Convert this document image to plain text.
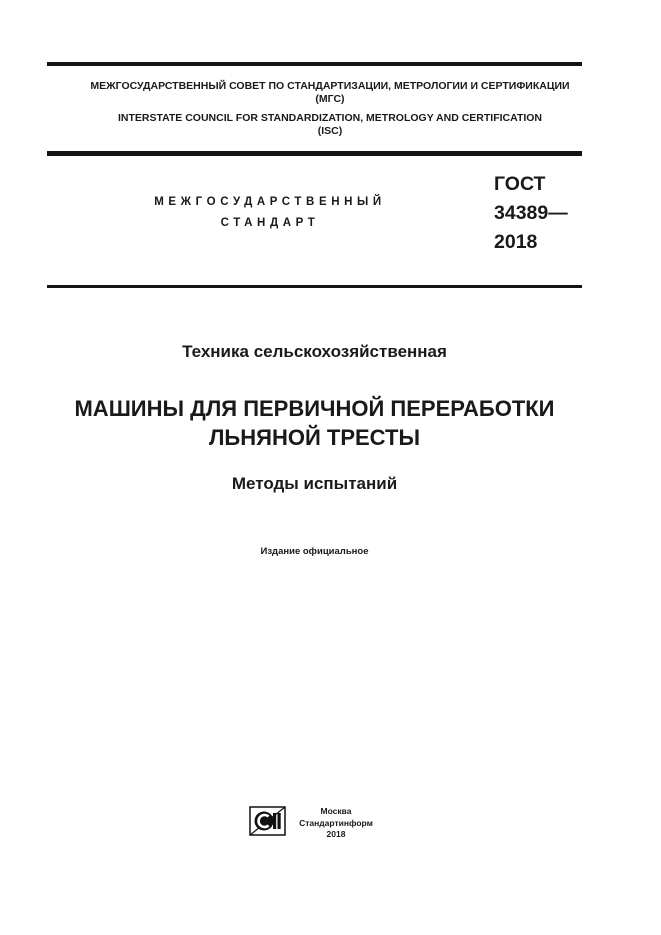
МЕЖГОСУДАРСТВЕННЫЙ СОВЕТ ПО СТАНДАРТИЗАЦИИ, МЕТРОЛОГИИ И СЕРТИФИКАЦИИ
(МГС)
INTERSTATE COUNCIL FOR STANDARDIZATION, METROLOGY AND CERTIFICATION
(ISC)
МЕЖГОСУДАРСТВЕННЫЙ
СТАНДАРТ
ГОСТ
34389—
2018
Техника сельскохозяйственная
МАШИНЫ ДЛЯ ПЕРВИЧНОЙ ПЕРЕРАБОТКИ
ЛЬНЯНОЙ ТРЕСТЫ
Методы испытаний
Издание официальное
Москва
Стандартинформ
2018
